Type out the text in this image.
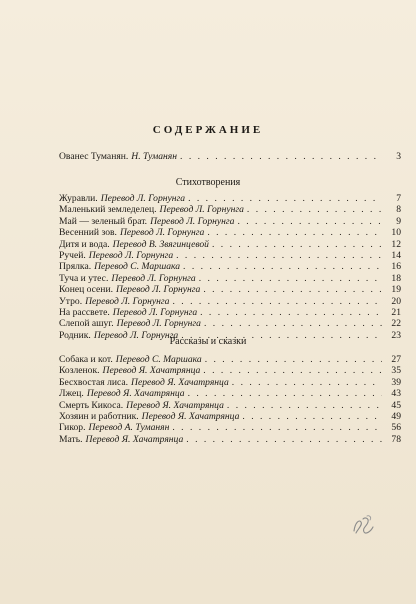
СОДЕРЖАНИЕ
Ованес Туманян. Н. Туманян . . .	3
Стихотворения
Журавли. Перевод Л. Горнунга . . .	7
Маленький земледелец. Перевод Л. Горнунга . . .	8
Май — зеленый брат. Перевод Л. Горнунга . . .	9
Весенний зов. Перевод Л. Горнунга . . .	10
Дитя и вода. Перевод В. Звягинцевой . . .	12
Ручей. Перевод Л. Горнунга . . .	14
Прялка. Перевод С. Маршака . . .	16
Туча и утес. Перевод Л. Горнунга . . .	18
Конец осени. Перевод Л. Горнунга . . .	19
Утро. Перевод Л. Горнунга . . .	20
На рассвете. Перевод Л. Горнунга . . .	21
Слепой ашуг. Перевод Л. Горнунга . . .	22
Родник. Перевод Л. Горнунга . . .	23
Рассказы и сказки
Собака и кот. Перевод С. Маршака . . .	27
Козленок. Перевод Я. Хачатрянца . . .	35
Бесхвостая лиса. Перевод Я. Хачатрянца . . .	39
Лжец. Перевод Я. Хачатрянца . . .	43
Смерть Кикоса. Перевод Я. Хачатрянца . . .	45
Хозяин и работник. Перевод Я. Хачатрянца . . .	49
Гикор. Перевод А. Туманян . . .	56
Мать. Перевод Я. Хачатрянца . . .	78
